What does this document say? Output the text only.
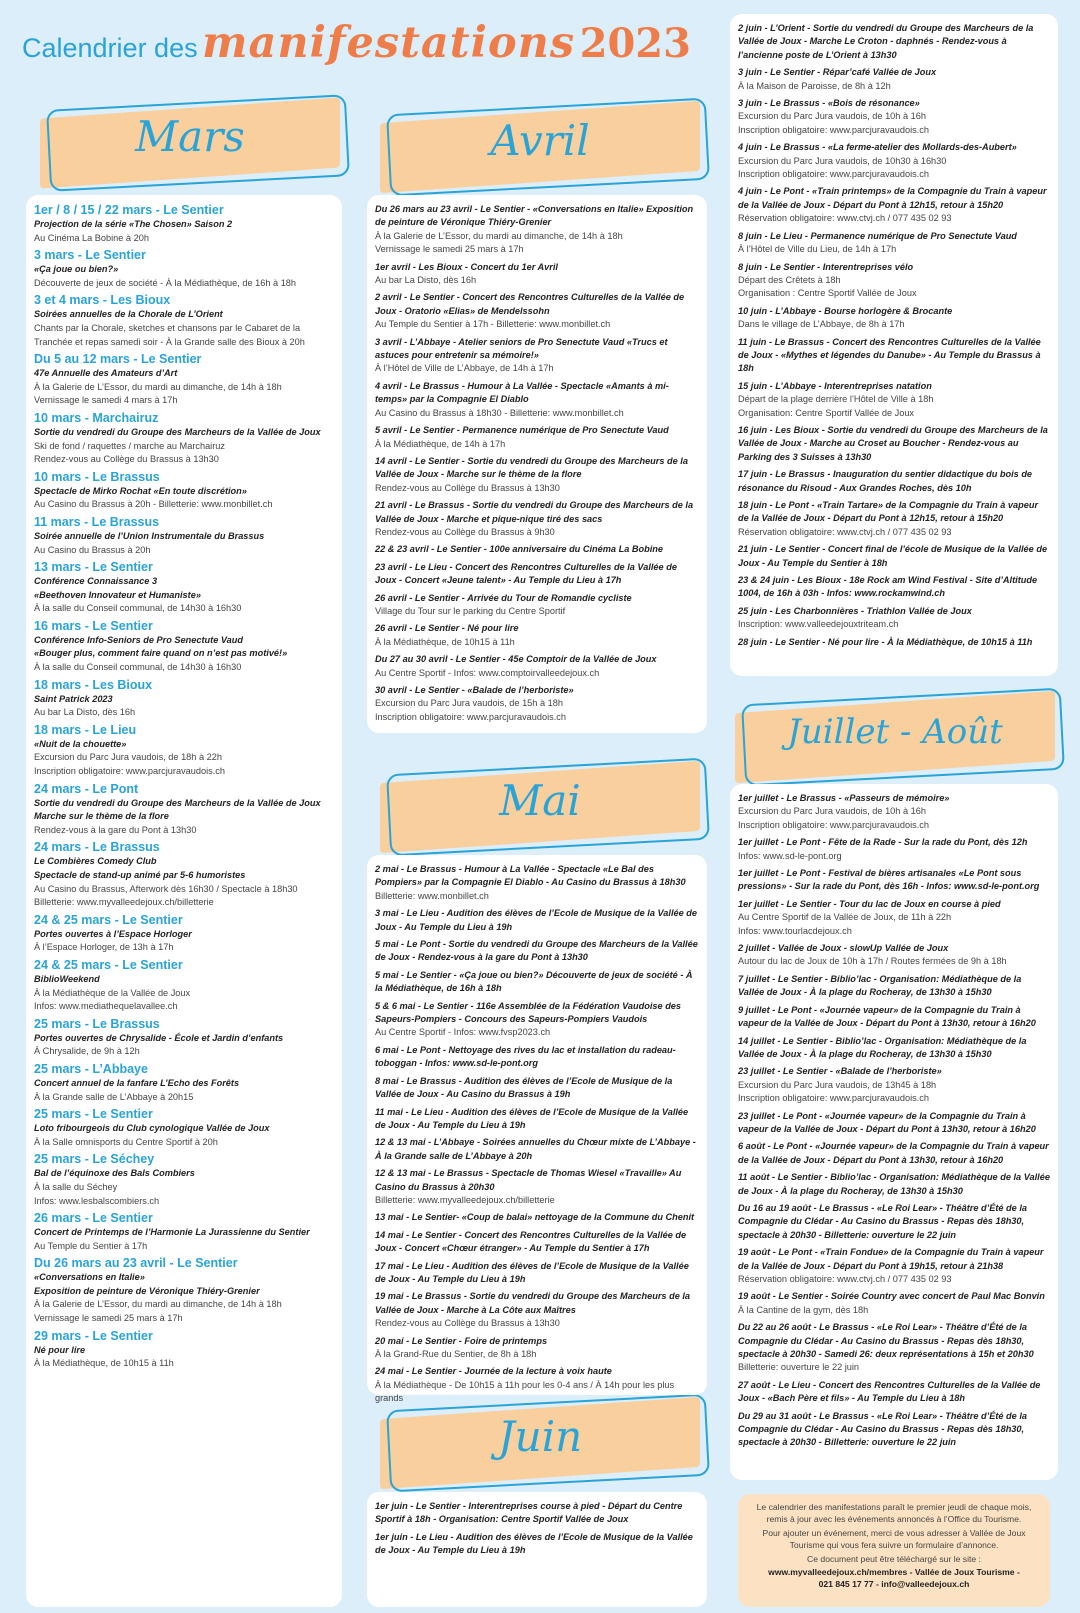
Calendrier des manifestations 2023
Mars	Avril
Mai
Juin
Juillet - Août
1er / 8 / 15 / 22 mars - Le Sentier
Projection de la série «The Chosen» Saison 2
Au Cinéma La Bobine à 20h
3 mars - Le Sentier
«Ça joue ou bien?»
Découverte de jeux de société - À la Médiathèque, de 16h à 18h
3 et 4 mars - Les Bioux
Soirées annuelles de la Chorale de L’Orient
Chants par la Chorale, sketches et chansons par le Cabaret de la Tranchée et repas samedi soir - À la Grande salle des Bioux à 20h
Du 5 au 12 mars - Le Sentier
47e Annuelle des Amateurs d’Art
À la Galerie de L’Essor, du mardi au dimanche, de 14h à 18h
Vernissage le samedi 4 mars à 17h
10 mars - Marchairuz
Sortie du vendredi du Groupe des Marcheurs de la Vallée de Joux
Ski de fond / raquettes / marche au Marchairuz
Rendez-vous au Collège du Brassus à 13h30
10 mars - Le Brassus
Spectacle de Mirko Rochat «En toute discrétion»
Au Casino du Brassus à 20h - Billetterie: www.monbillet.ch
11 mars - Le Brassus
Soirée annuelle de l’Union Instrumentale du Brassus
Au Casino du Brassus à 20h
13 mars - Le Sentier
Conférence Connaissance 3
«Beethoven Innovateur et Humaniste»
À la salle du Conseil communal, de 14h30 à 16h30
16 mars - Le Sentier
Conférence Info-Seniors de Pro Senectute Vaud
«Bouger plus, comment faire quand on n’est pas motivé!»
À la salle du Conseil communal, de 14h30 à 16h30
18 mars - Les Bioux
Saint Patrick 2023
Au bar La Disto, dès 16h
18 mars - Le Lieu
«Nuit de la chouette»
Excursion du Parc Jura vaudois, de 18h à 22h
Inscription obligatoire: www.parcjuravaudois.ch
24 mars - Le Pont
Sortie du vendredi du Groupe des Marcheurs de la Vallée de Joux
Marche sur le thème de la flore
Rendez-vous à la gare du Pont à 13h30
24 mars - Le Brassus
Le Combières Comedy Club
Spectacle de stand-up animé par 5-6 humoristes
Au Casino du Brassus, Afterwork dès 16h30 / Spectacle à 18h30
Billetterie: www.myvalleedejoux.ch/billetterie
24 & 25 mars - Le Sentier
Portes ouvertes à l’Espace Horloger
À l’Espace Horloger, de 13h à 17h
24 & 25 mars - Le Sentier
BiblioWeekend
À la Médiathèque de la Vallée de Joux
Infos: www.mediathequelavallee.ch
25 mars - Le Brassus
Portes ouvertes de Chrysalide - École et Jardin d’enfants
À Chrysalide, de 9h à 12h
25 mars - L’Abbaye
Concert annuel de la fanfare L’Echo des Forêts
À la Grande salle de L’Abbaye à 20h15
25 mars - Le Sentier
Loto fribourgeois du Club cynologique Vallée de Joux
À la Salle omnisports du Centre Sportif à 20h
25 mars - Le Séchey
Bal de l’équinoxe des Bals Combiers
À la salle du Séchey
Infos: www.lesbalscombiers.ch
26 mars - Le Sentier
Concert de Printemps de l’Harmonie La Jurassienne du Sentier
Au Temple du Sentier à 17h
Du 26 mars au 23 avril - Le Sentier
«Conversations en Italie»
Exposition de peinture de Véronique Thiéry-Grenier
À la Galerie de L’Essor, du mardi au dimanche, de 14h à 18h
Vernissage le samedi 25 mars à 17h
29 mars - Le Sentier
Né pour lire
À la Médiathèque, de 10h15 à 11h
Du 26 mars au 23 avril - Le Sentier - «Conversations en Italie» Exposition de peinture de Véronique Thiéry-Grenier
À la Galerie de L’Essor, du mardi au dimanche, de 14h à 18h
Vernissage le samedi 25 mars à 17h
1er avril - Les Bioux - Concert du 1er Avril
Au bar La Disto, dès 16h
2 avril - Le Sentier - Concert des Rencontres Culturelles de la Vallée de Joux - Oratorio «Elias» de Mendelssohn
Au Temple du Sentier à 17h - Billetterie: www.monbillet.ch
3 avril - L’Abbaye - Atelier seniors de Pro Senectute Vaud «Trucs et astuces pour entretenir sa mémoire!»
À l’Hôtel de Ville de L’Abbaye, de 14h à 17h
4 avril - Le Brassus - Humour à La Vallée - Spectacle «Amants à mi-temps» par la Compagnie El Diablo
Au Casino du Brassus à 18h30 - Billetterie: www.monbillet.ch
5 avril - Le Sentier - Permanence numérique de Pro Senectute Vaud
À la Médiathèque, de 14h à 17h
14 avril - Le Sentier - Sortie du vendredi du Groupe des Marcheurs de la Vallée de Joux - Marche sur le thème de la flore
Rendez-vous au Collège du Brassus à 13h30
21 avril - Le Brassus - Sortie du vendredi du Groupe des Marcheurs de la Vallée de Joux - Marche et pique-nique tiré des sacs
Rendez-vous au Collège du Brassus à 9h30
22 & 23 avril - Le Sentier - 100e anniversaire du Cinéma La Bobine
23 avril - Le Lieu - Concert des Rencontres Culturelles de la Vallée de Joux - Concert «Jeune talent» - Au Temple du Lieu à 17h
26 avril - Le Sentier - Arrivée du Tour de Romandie cycliste
Village du Tour sur le parking du Centre Sportif
26 avril - Le Sentier - Né pour lire
À la Médiathèque, de 10h15 à 11h
Du 27 au 30 avril - Le Sentier - 45e Comptoir de la Vallée de Joux
Au Centre Sportif - Infos: www.comptoirvalleedejoux.ch
30 avril - Le Sentier - «Balade de l’herboriste»
Excursion du Parc Jura vaudois, de 15h à 18h
Inscription obligatoire: www.parcjuravaudois.ch
2 mai - Le Brassus - Humour à La Vallée - Spectacle «Le Bal des Pompiers» par la Compagnie El Diablo - Au Casino du Brassus à 18h30
Billetterie: www.monbillet.ch
3 mai - Le Lieu - Audition des élèves de l’Ecole de Musique de la Vallée de Joux - Au Temple du Lieu à 19h
5 mai - Le Pont - Sortie du vendredi du Groupe des Marcheurs de la Vallée de Joux - Rendez-vous à la gare du Pont à 13h30
5 mai - Le Sentier - «Ça joue ou bien?» Découverte de jeux de société - À la Médiathèque, de 16h à 18h
5 & 6 mai - Le Sentier - 116e Assemblée de la Fédération Vaudoise des Sapeurs-Pompiers - Concours des Sapeurs-Pompiers Vaudois
Au Centre Sportif - Infos: www.fvsp2023.ch
6 mai - Le Pont - Nettoyage des rives du lac et installation du radeau-toboggan - Infos: www.sd-le-pont.org
8 mai - Le Brassus - Audition des élèves de l’Ecole de Musique de la Vallée de Joux - Au Casino du Brassus à 19h
11 mai - Le Lieu - Audition des élèves de l’Ecole de Musique de la Vallée de Joux - Au Temple du Lieu à 19h
12 & 13 mai - L’Abbaye - Soirées annuelles du Chœur mixte de L’Abbaye - À la Grande salle de L’Abbaye à 20h
12 & 13 mai - Le Brassus - Spectacle de Thomas Wiesel «Travaille» Au Casino du Brassus à 20h30
Billetterie: www.myvalleedejoux.ch/billetterie
13 mai - Le Sentier- «Coup de balai» nettoyage de la Commune du Chenit
14 mai - Le Sentier - Concert des Rencontres Culturelles de la Vallée de Joux - Concert «Chœur étranger» - Au Temple du Sentier à 17h
17 mai - Le Lieu - Audition des élèves de l’Ecole de Musique de la Vallée de Joux - Au Temple du Lieu à 19h
19 mai - Le Brassus - Sortie du vendredi du Groupe des Marcheurs de la Vallée de Joux - Marche à La Côte aux Maîtres
Rendez-vous au Collège du Brassus à 13h30
20 mai - Le Sentier - Foire de printemps
À la Grand-Rue du Sentier, de 8h à 18h
24 mai - Le Sentier - Journée de la lecture à voix haute
À la Médiathèque - De 10h15 à 11h pour les 0-4 ans / À 14h pour les plus grands
1er juin - Le Sentier - Interentreprises course à pied - Départ du Centre Sportif à 18h - Organisation: Centre Sportif Vallée de Joux
1er juin - Le Lieu - Audition des élèves de l’Ecole de Musique de la Vallée de Joux - Au Temple du Lieu à 19h
2 juin - L’Orient - Sortie du vendredi du Groupe des Marcheurs de la Vallée de Joux - Marche Le Croton - daphnés - Rendez-vous à l’ancienne poste de L’Orient à 13h30
3 juin - Le Sentier - Répar’café Vallée de Joux
À la Maison de Paroisse, de 8h à 12h
3 juin - Le Brassus - «Bois de résonance»
Excursion du Parc Jura vaudois, de 10h à 16h
Inscription obligatoire: www.parcjuravaudois.ch
4 juin - Le Brassus - «La ferme-atelier des Mollards-des-Aubert»
Excursion du Parc Jura vaudois, de 10h30 à 16h30
Inscription obligatoire: www.parcjuravaudois.ch
4 juin - Le Pont - «Train printemps» de la Compagnie du Train à vapeur de la Vallée de Joux - Départ du Pont à 12h15, retour à 15h20
Réservation obligatoire: www.ctvj.ch / 077 435 02 93
8 juin - Le Lieu - Permanence numérique de Pro Senectute Vaud
À l’Hôtel de Ville du Lieu, de 14h à 17h
8 juin - Le Sentier - Interentreprises vélo
Départ des Crêtets à 18h
Organisation : Centre Sportif Vallée de Joux
10 juin - L’Abbaye - Bourse horlogère & Brocante
Dans le village de L’Abbaye, de 8h à 17h
11 juin - Le Brassus - Concert des Rencontres Culturelles de la Vallée de Joux - «Mythes et légendes du Danube» - Au Temple du Brassus à 18h
15 juin - L’Abbaye - Interentreprises natation
Départ de la plage derrière l’Hôtel de Ville à 18h
Organisation: Centre Sportif Vallée de Joux
16 juin - Les Bioux - Sortie du vendredi du Groupe des Marcheurs de la Vallée de Joux - Marche au Croset au Boucher - Rendez-vous au Parking des 3 Suisses à 13h30
17 juin - Le Brassus - Inauguration du sentier didactique du bois de résonance du Risoud - Aux Grandes Roches, dès 10h
18 juin - Le Pont - «Train Tartare» de la Compagnie du Train à vapeur de la Vallée de Joux - Départ du Pont à 12h15, retour à 15h20
Réservation obligatoire: www.ctvj.ch / 077 435 02 93
21 juin - Le Sentier - Concert final de l’école de Musique de la Vallée de Joux - Au Temple du Sentier à 18h
23 & 24 juin - Les Bioux - 18e Rock am Wind Festival - Site d’Altitude 1004, de 16h à 03h - Infos: www.rockamwind.ch
25 juin - Les Charbonnières - Triathlon Vallée de Joux
Inscription: www.valleedejouxtriteam.ch
28 juin - Le Sentier - Né pour lire - À la Médiathèque, de 10h15 à 11h
1er juillet - Le Brassus - «Passeurs de mémoire»
Excursion du Parc Jura vaudois, de 10h à 16h
Inscription obligatoire: www.parcjuravaudois.ch
1er juillet - Le Pont - Fête de la Rade - Sur la rade du Pont, dès 12h
Infos: www.sd-le-pont.org
1er juillet - Le Pont - Festival de bières artisanales «Le Pont sous pressions» - Sur la rade du Pont, dès 16h - Infos: www.sd-le-pont.org
1er juillet - Le Sentier - Tour du lac de Joux en course à pied
Au Centre Sportif de la Vallée de Joux, de 11h à 22h
Infos: www.tourlacdejoux.ch
2 juillet - Vallée de Joux - slowUp Vallée de Joux
Autour du lac de Joux de 10h à 17h / Routes fermées de 9h à 18h
7 juillet - Le Sentier - Biblio’lac - Organisation: Médiathèque de la Vallée de Joux - À la plage du Rocheray, de 13h30 à 15h30
9 juillet - Le Pont - «Journée vapeur» de la Compagnie du Train à vapeur de la Vallée de Joux - Départ du Pont à 13h30, retour à 16h20
14 juillet - Le Sentier - Biblio’lac - Organisation: Médiathèque de la Vallée de Joux - À la plage du Rocheray, de 13h30 à 15h30
23 juillet - Le Sentier - «Balade de l’herboriste»
Excursion du Parc Jura vaudois, de 13h45 à 18h
Inscription obligatoire: www.parcjuravaudois.ch
23 juillet - Le Pont - «Journée vapeur» de la Compagnie du Train à vapeur de la Vallée de Joux - Départ du Pont à 13h30, retour à 16h20
6 août - Le Pont - «Journée vapeur» de la Compagnie du Train à vapeur de la Vallée de Joux - Départ du Pont à 13h30, retour à 16h20
11 août - Le Sentier - Biblio’lac - Organisation: Médiathèque de la Vallée de Joux - À la plage du Rocheray, de 13h30 à 15h30
Du 16 au 19 août - Le Brassus - «Le Roi Lear» - Théâtre d’Été de la Compagnie du Clédar - Au Casino du Brassus - Repas dès 18h30, spectacle à 20h30 - Billetterie: ouverture le 22 juin
19 août - Le Pont - «Train Fondue» de la Compagnie du Train à vapeur de la Vallée de Joux - Départ du Pont à 19h15, retour à 21h38
Réservation obligatoire: www.ctvj.ch / 077 435 02 93
19 août - Le Sentier - Soirée Country avec concert de Paul Mac Bonvin
À la Cantine de la gym, dès 18h
Du 22 au 26 août - Le Brassus - «Le Roi Lear» - Théâtre d’Été de la Compagnie du Clédar - Au Casino du Brassus - Repas dès 18h30, spectacle à 20h30 - Samedi 26: deux représentations à 15h et 20h30
Billetterie: ouverture le 22 juin
27 août - Le Lieu - Concert des Rencontres Culturelles de la Vallée de Joux - «Bach Père et fils» - Au Temple du Lieu à 18h
Du 29 au 31 août - Le Brassus - «Le Roi Lear» - Théâtre d’Été de la Compagnie du Clédar - Au Casino du Brassus - Repas dès 18h30, spectacle à 20h30 - Billetterie: ouverture le 22 juin

Le calendrier des manifestations paraît le premier jeudi de chaque mois, remis à jour avec les événements annoncés à l’Office du Tourisme.

Pour ajouter un événement, merci de vous adresser à Vallée de Joux Tourisme qui vous fera suivre un formulaire d’annonce.

Ce document peut être téléchargé sur le site :

www.myvalleedejoux.ch/membres - Vallée de Joux Tourisme -
021 845 17 77 - info@valleedejoux.ch
